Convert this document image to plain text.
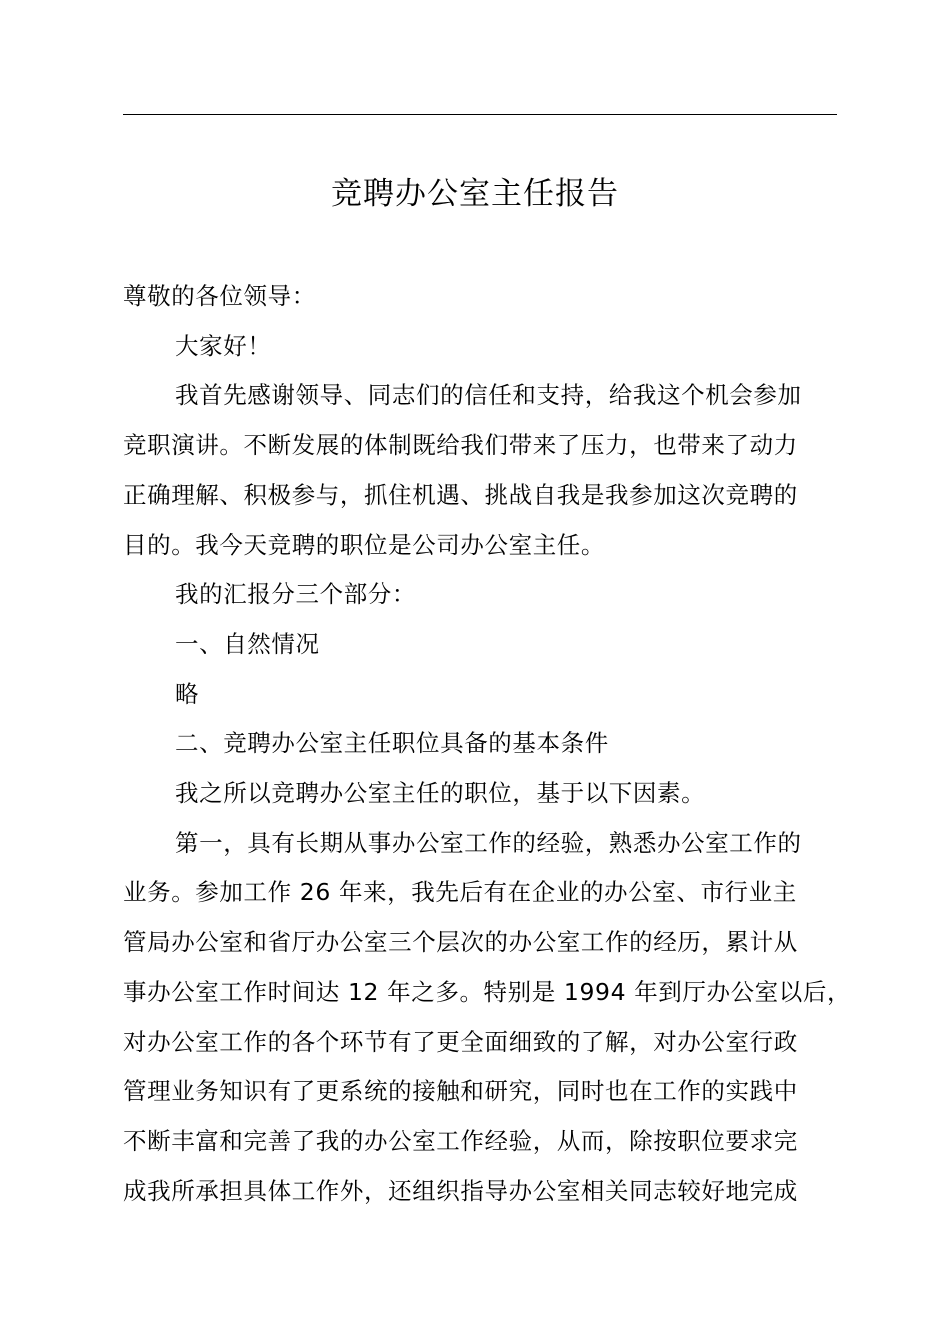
竞聘办公室主任报告

尊敬的各位领导：

大家好！

我首先感谢领导、同志们的信任和支持，给我这个机会参加

竞职演讲。不断发展的体制既给我们带来了压力，也带来了动力

正确理解、积极参与，抓住机遇、挑战自我是我参加这次竞聘的

目的。我今天竞聘的职位是公司办公室主任。

我的汇报分三个部分：

一、自然情况

略

二、竞聘办公室主任职位具备的基本条件

我之所以竞聘办公室主任的职位，基于以下因素。

第一，具有长期从事办公室工作的经验，熟悉办公室工作的

业务。参加工作 26 年来，我先后有在企业的办公室、市行业主

管局办公室和省厅办公室三个层次的办公室工作的经历，累计从

事办公室工作时间达 12 年之多。特别是 1994 年到厅办公室以后，

对办公室工作的各个环节有了更全面细致的了解，对办公室行政

管理业务知识有了更系统的接触和研究，同时也在工作的实践中

不断丰富和完善了我的办公室工作经验，从而，除按职位要求完

成我所承担具体工作外，还组织指导办公室相关同志较好地完成
